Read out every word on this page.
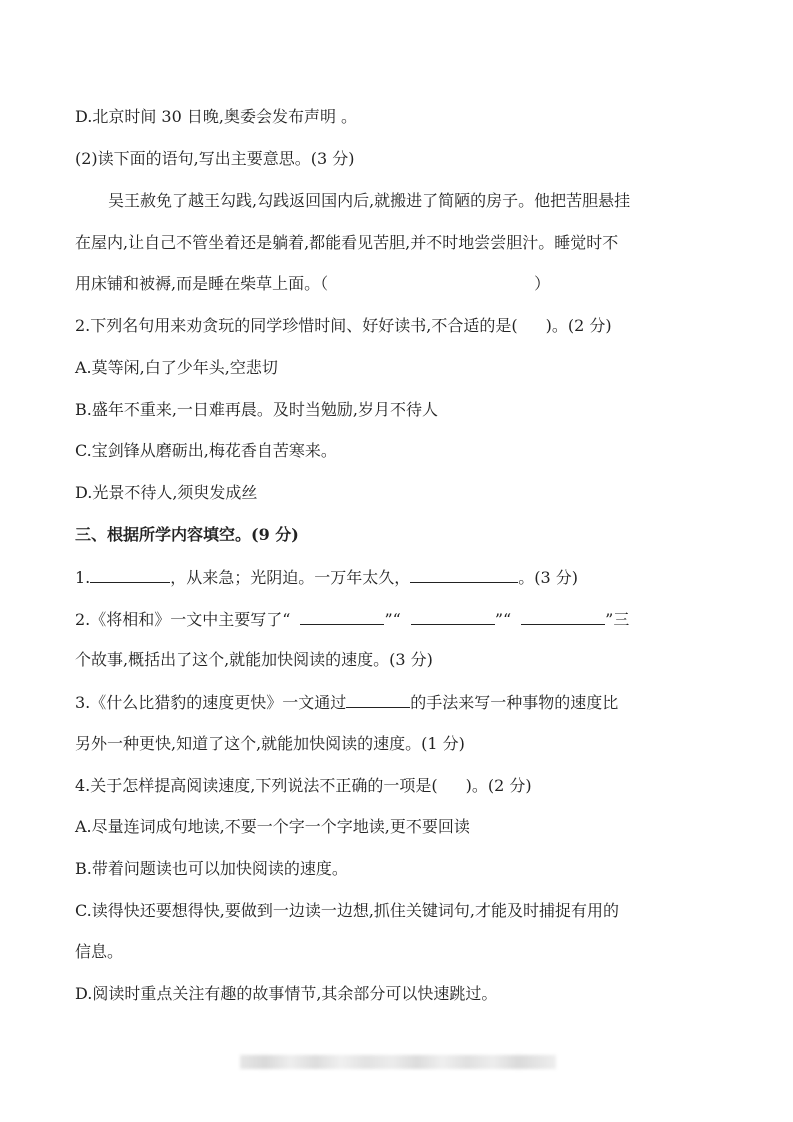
D.北京时间 30 日晚,奥委会发布声明 。
(2)读下面的语句,写出主要意思。(3 分)
吴王赦免了越王勾践,勾践返回国内后,就搬进了简陋的房子。他把苦胆悬挂
在屋内,让自己不管坐着还是躺着,都能看见苦胆,并不时地尝尝胆汁。睡觉时不
用床铺和被褥,而是睡在柴草上面。（	）
2.下列名句用来劝贪玩的同学珍惜时间、好好读书,不合适的是( )。(2 分)
A.莫等闲,白了少年头,空悲切
B.盛年不重来,一日难再晨。及时当勉励,岁月不待人
C.宝剑锋从磨砺出,梅花香自苦寒来。
D.光景不待人,须臾发成丝
三、根据所学内容填空。(9 分)
1.	，从来急；光阴迫。一万年太久，	。(3 分)
2.《将相和》一文中主要写了“	”“	”“	”三
个故事,概括出了这个,就能加快阅读的速度。(3 分)
3.《什么比猎豹的速度更快》一文通过	的手法来写一种事物的速度比
另外一种更快,知道了这个,就能加快阅读的速度。(1 分)
4.关于怎样提高阅读速度,下列说法不正确的一项是( )。(2 分)
A.尽量连词成句地读,不要一个字一个字地读,更不要回读
B.带着问题读也可以加快阅读的速度。
C.读得快还要想得快,要做到一边读一边想,抓住关键词句,才能及时捕捉有用的
信息。
D.阅读时重点关注有趣的故事情节,其余部分可以快速跳过。
